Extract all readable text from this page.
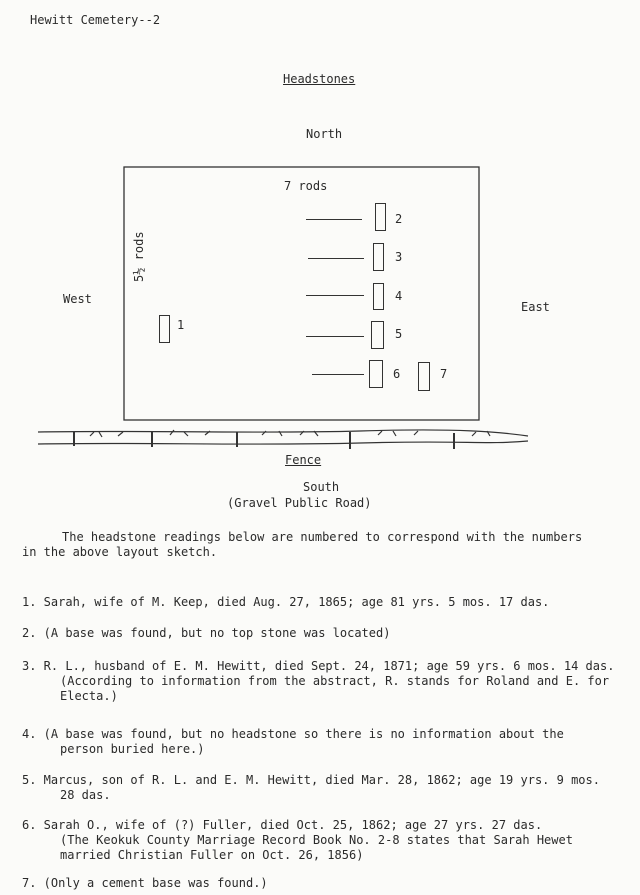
Hewitt Cemetery--2
Headstones
North
West
East
South
(Gravel Public Road)
7 rods
5½ rods
1
2
3
4
5
6	7
Fence
The headstone readings below are numbered to correspond with the numbers
in the above layout sketch.
1. Sarah, wife of M. Keep, died Aug. 27, 1865; age 81 yrs. 5 mos. 17 das.
2. (A base was found, but no top stone was located)
3. R. L., husband of E. M. Hewitt, died Sept. 24, 1871; age 59 yrs. 6 mos. 14 das.
(According to information from the abstract, R. stands for Roland and E. for
Electa.)
4. (A base was found, but no headstone so there is no information about the
person buried here.)
5. Marcus, son of R. L. and E. M. Hewitt, died Mar. 28, 1862; age 19 yrs. 9 mos.
28 das.
6. Sarah O., wife of (?) Fuller, died Oct. 25, 1862; age 27 yrs. 27 das.
(The Keokuk County Marriage Record Book No. 2-8 states that Sarah Hewet
married Christian Fuller on Oct. 26, 1856)
7. (Only a cement base was found.)
